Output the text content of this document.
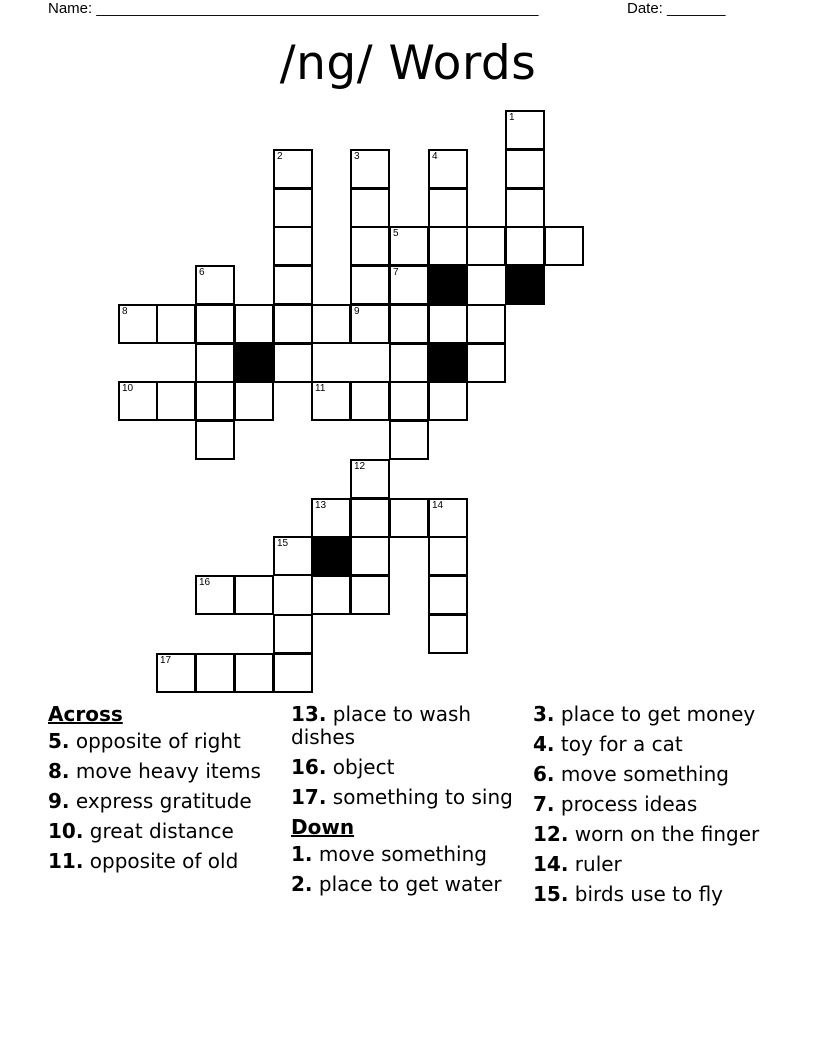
Name: _____________________________________________________	Date: _______
/ng/ Words
1
2	3	4
5
6	7
8	9
10	11
12
13	14
15
16
17
Across
5. opposite of right
8. move heavy items
9. express gratitude
10. great distance
11. opposite of old
13. place to wash dishes
16. object
17. something to sing
Down
1. move something
2. place to get water
3. place to get money
4. toy for a cat
6. move something
7. process ideas
12. worn on the finger
14. ruler
15. birds use to fly
